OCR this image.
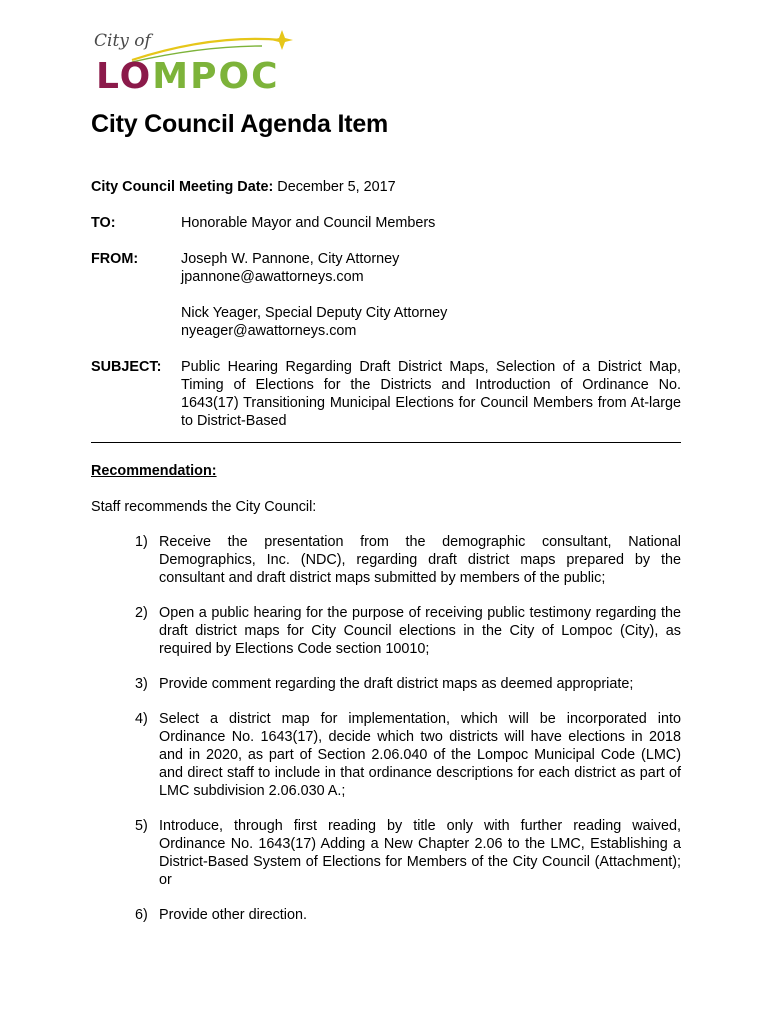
City of
LOMPOC
City Council Agenda Item
City Council Meeting Date: December 5, 2017
TO:	Honorable Mayor and Council Members
FROM:	Joseph W. Pannone, City Attorney
jpannone@awattorneys.com
Nick Yeager, Special Deputy City Attorney
nyeager@awattorneys.com
SUBJECT: Public Hearing Regarding Draft District Maps, Selection of a District Map, Timing of Elections for the Districts and Introduction of Ordinance No. 1643(17) Transitioning Municipal Elections for Council Members from At-large to District-Based
Recommendation:
Staff recommends the City Council:
1) Receive the presentation from the demographic consultant, National Demographics, Inc. (NDC), regarding draft district maps prepared by the consultant and draft district maps submitted by members of the public;
2) Open a public hearing for the purpose of receiving public testimony regarding the draft district maps for City Council elections in the City of Lompoc (City), as required by Elections Code section 10010;
3) Provide comment regarding the draft district maps as deemed appropriate;
4) Select a district map for implementation, which will be incorporated into Ordinance No. 1643(17), decide which two districts will have elections in 2018 and in 2020, as part of Section 2.06.040 of the Lompoc Municipal Code (LMC) and direct staff to include in that ordinance descriptions for each district as part of LMC subdivision 2.06.030 A.;
5) Introduce, through first reading by title only with further reading waived, Ordinance No. 1643(17) Adding a New Chapter 2.06 to the LMC, Establishing a District-Based System of Elections for Members of the City Council (Attachment); or
6) Provide other direction.
